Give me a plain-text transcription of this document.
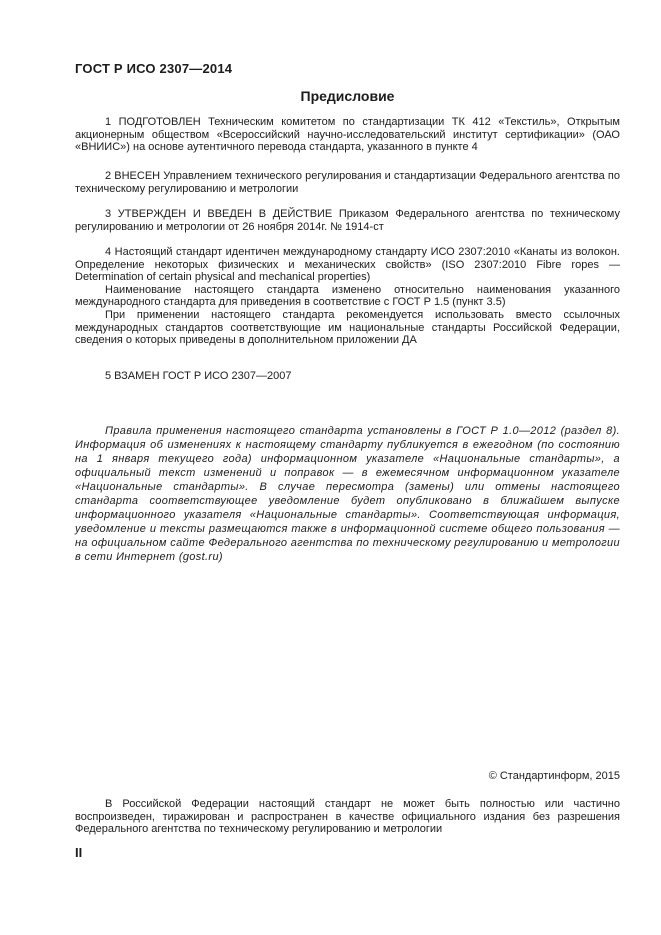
ГОСТ Р ИСО 2307—2014
Предисловие

1 ПОДГОТОВЛЕН Техническим комитетом по стандартизации ТК 412 «Текстиль», Открытым акционерным обществом «Всероссийский научно-исследовательский институт сертификации» (ОАО «ВНИИС») на основе аутентичного перевода стандарта, указанного в пункте 4

2 ВНЕСЕН Управлением технического регулирования и стандартизации Федерального агентства по техническому регулированию и метрологии

3 УТВЕРЖДЕН И ВВЕДЕН В ДЕЙСТВИЕ Приказом Федерального агентства по техническому регулированию и метрологии от 26 ноября 2014г. № 1914-ст

4 Настоящий стандарт идентичен международному стандарту ИСО 2307:2010 «Канаты из волокон. Определение некоторых физических и механических свойств» (ISO 2307:2010 Fibre ropes — Determination of certain physical and mechanical properties)

Наименование настоящего стандарта изменено относительно наименования указанного международного стандарта для приведения в соответствие с ГОСТ Р 1.5 (пункт 3.5)

При применении настоящего стандарта рекомендуется использовать вместо ссылочных международных стандартов соответствующие им национальные стандарты Российской Федерации, сведения о которых приведены в дополнительном приложении ДА

5 ВЗАМЕН ГОСТ Р ИСО 2307—2007

Правила применения настоящего стандарта установлены в ГОСТ Р 1.0—2012 (раздел 8). Информация об изменениях к настоящему стандарту публикуется в ежегодном (по состоянию на 1 января текущего года) информационном указателе «Национальные стандарты», а официальный текст изменений и поправок — в ежемесячном информационном указателе «Национальные стандарты». В случае пересмотра (замены) или отмены настоящего стандарта соответствующее уведомление будет опубликовано в ближайшем выпуске информационного указателя «Национальные стандарты». Соответствующая информация, уведомление и тексты размещаются также в информационной системе общего пользования — на официальном сайте Федерального агентства по техническому регулированию и метрологии в сети Интернет (gost.ru)

© Стандартинформ, 2015

В Российской Федерации настоящий стандарт не может быть полностью или частично воспроизведен, тиражирован и распространен в качестве официального издания без разрешения Федерального агентства по техническому регулированию и метрологии

II
